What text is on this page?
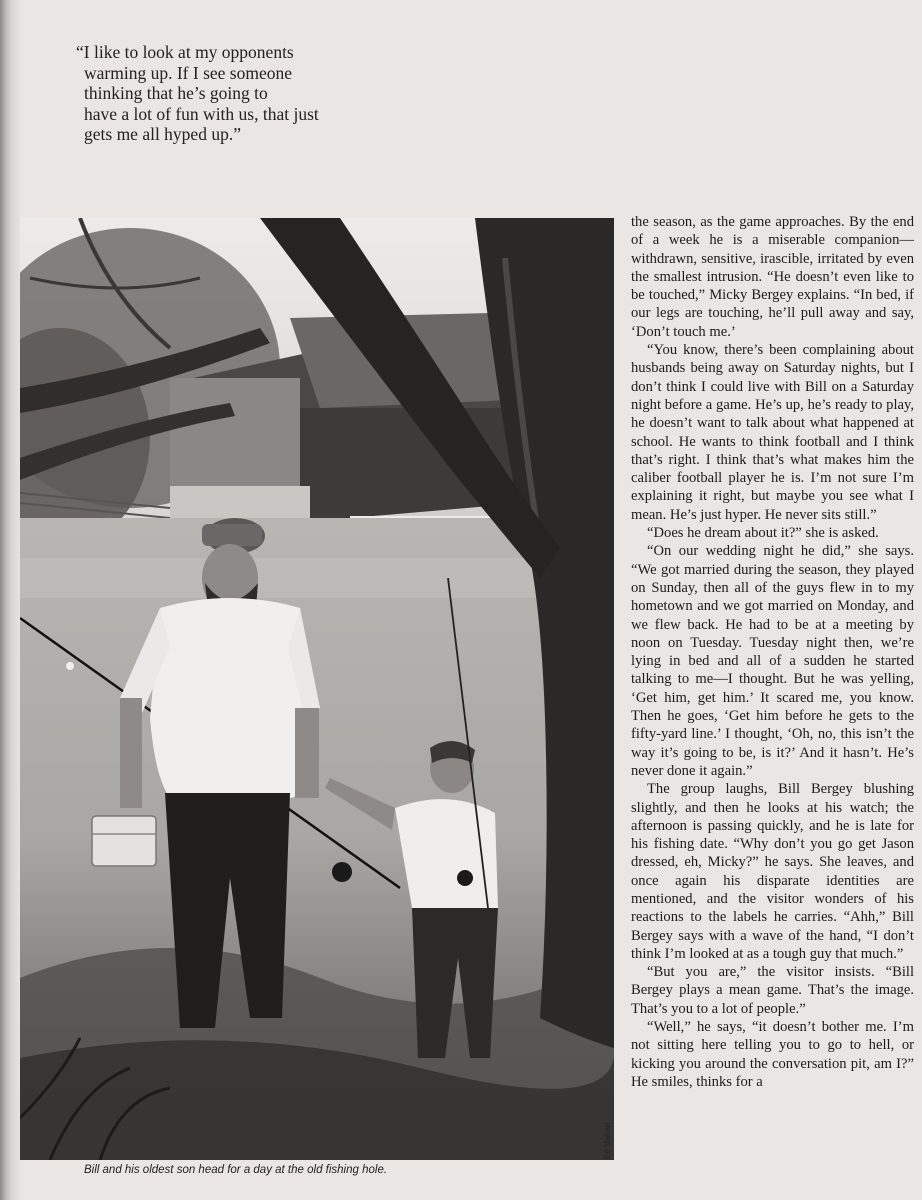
“I like to look at my opponents
warming up. If I see someone
thinking that he’s going to
have a lot of fun with us, that just
gets me all hyped up.”
Ed Mahan
Bill and his oldest son head for a day at the old fishing hole.

the season, as the game approaches. By the end of a week he is a miserable companion—withdrawn, sensitive, irascible, irritated by even the smallest intrusion. “He doesn’t even like to be touched,” Micky Bergey explains. “In bed, if our legs are touching, he’ll pull away and say, ‘Don’t touch me.’

“You know, there’s been complaining about husbands being away on Saturday nights, but I don’t think I could live with Bill on a Saturday night before a game. He’s up, he’s ready to play, he doesn’t want to talk about what happened at school. He wants to think football and I think that’s right. I think that’s what makes him the caliber football player he is. I’m not sure I’m explaining it right, but maybe you see what I mean. He’s just hyper. He never sits still.”

“Does he dream about it?” she is asked.

“On our wedding night he did,” she says. “We got married during the season, they played on Sunday, then all of the guys flew in to my hometown and we got married on Monday, and we flew back. He had to be at a meeting by noon on Tuesday. Tuesday night then, we’re lying in bed and all of a sudden he started talking to me—I thought. But he was yelling, ‘Get him, get him.’ It scared me, you know. Then he goes, ‘Get him before he gets to the fifty-yard line.’ I thought, ‘Oh, no, this isn’t the way it’s going to be, is it?’ And it hasn’t. He’s never done it again.”

The group laughs, Bill Bergey blushing slightly, and then he looks at his watch; the afternoon is passing quickly, and he is late for his fishing date. “Why don’t you go get Jason dressed, eh, Micky?” he says. She leaves, and once again his disparate identities are mentioned, and the visitor wonders of his reactions to the labels he carries. “Ahh,” Bill Bergey says with a wave of the hand, “I don’t think I’m looked at as a tough guy that much.”

“But you are,” the visitor insists. “Bill Bergey plays a mean game. That’s the image. That’s you to a lot of people.”

“Well,” he says, “it doesn’t bother me. I’m not sitting here telling you to go to hell, or kicking you around the conversation pit, am I?” He smiles, thinks for a
